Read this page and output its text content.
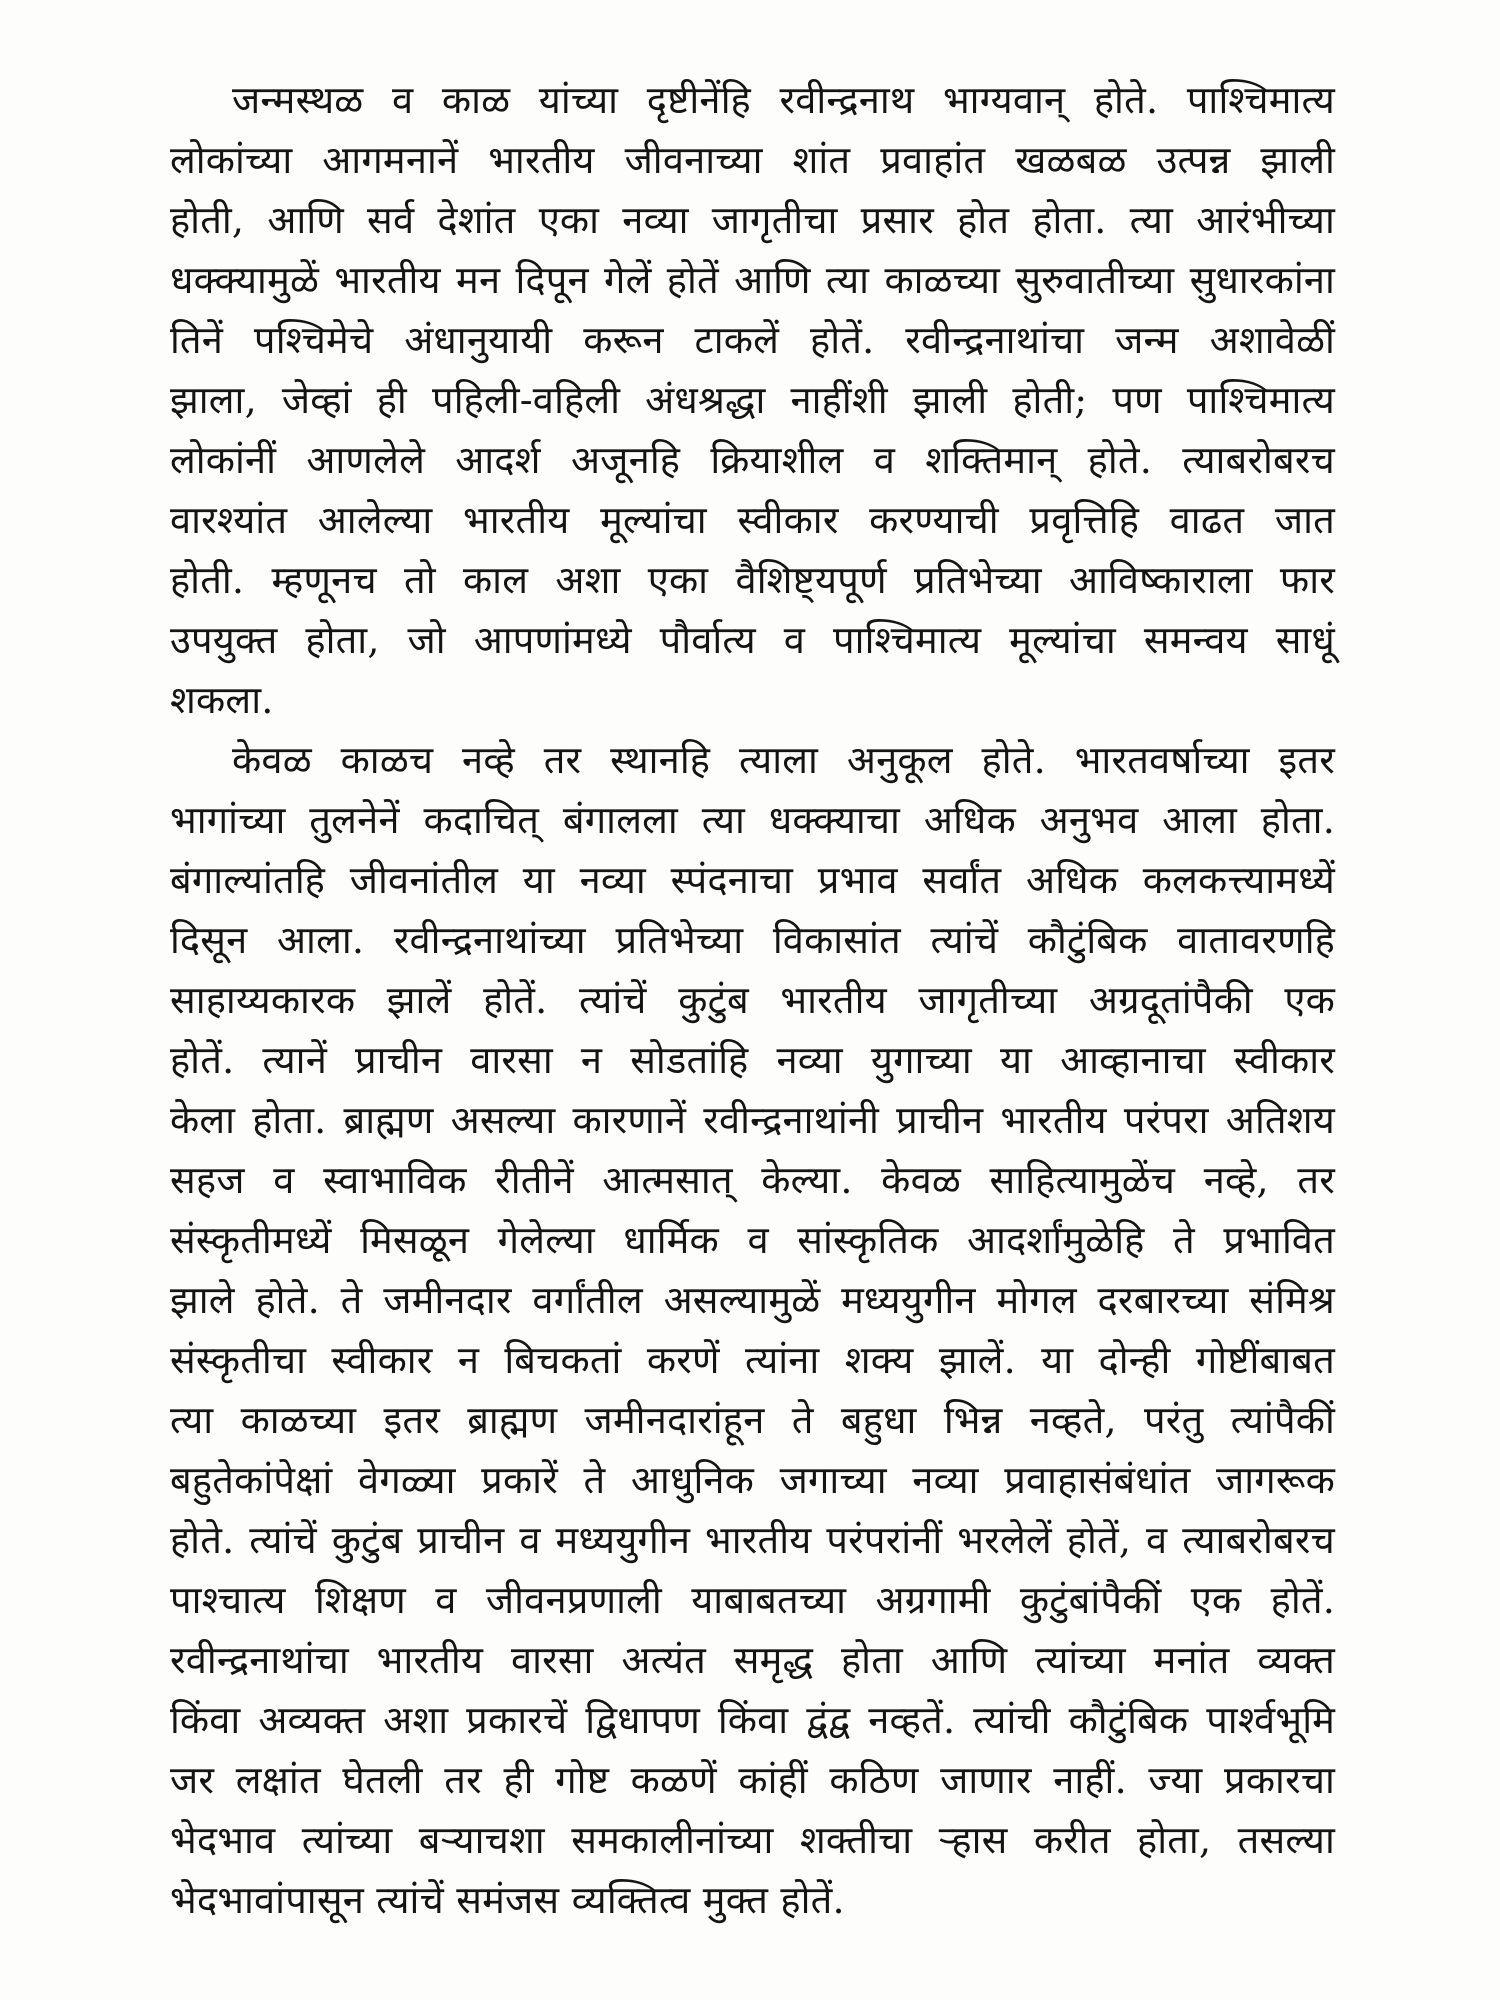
जन्मस्थळ व काळ यांच्या दृष्टीनेंहि रवीन्द्रनाथ भाग्यवान् होते. पाश्चिमात्य
लोकांच्या आगमनानें भारतीय जीवनाच्या शांत प्रवाहांत खळबळ उत्पन्न झाली
होती, आणि सर्व देशांत एका नव्या जागृतीचा प्रसार होत होता. त्या आरंभीच्या
धक्क्यामुळें भारतीय मन दिपून गेलें होतें आणि त्या काळच्या सुरुवातीच्या सुधारकांना
तिनें पश्चिमेचे अंधानुयायी करून टाकलें होतें. रवीन्द्रनाथांचा जन्म अशावेळीं
झाला, जेव्हां ही पहिली-वहिली अंधश्रद्धा नाहींशी झाली होती; पण पाश्चिमात्य
लोकांनीं आणलेले आदर्श अजूनहि क्रियाशील व शक्तिमान् होते. त्याबरोबरच
वारश्यांत आलेल्या भारतीय मूल्यांचा स्वीकार करण्याची प्रवृत्तिहि वाढत जात
होती. म्हणूनच तो काल अशा एका वैशिष्ट्यपूर्ण प्रतिभेच्या आविष्काराला फार
उपयुक्त होता, जो आपणांमध्ये पौर्वात्य व पाश्चिमात्य मूल्यांचा समन्वय साधूं
शकला.

केवळ काळच नव्हे तर स्थानहि त्याला अनुकूल होते. भारतवर्षाच्या इतर
भागांच्या तुलनेनें कदाचित् बंगालला त्या धक्क्याचा अधिक अनुभव आला होता.
बंगाल्यांतहि जीवनांतील या नव्या स्पंदनाचा प्रभाव सर्वांत अधिक कलकत्त्यामध्यें
दिसून आला. रवीन्द्रनाथांच्या प्रतिभेच्या विकासांत त्यांचें कौटुंबिक वातावरणहि
साहाय्यकारक झालें होतें. त्यांचें कुटुंब भारतीय जागृतीच्या अग्रदूतांपैकी एक
होतें. त्यानें प्राचीन वारसा न सोडतांहि नव्या युगाच्या या आव्हानाचा स्वीकार
केला होता. ब्राह्मण असल्या कारणानें रवीन्द्रनाथांनी प्राचीन भारतीय परंपरा अतिशय
सहज व स्वाभाविक रीतीनें आत्मसात् केल्या. केवळ साहित्यामुळेंच नव्हे, तर
संस्कृतीमध्यें मिसळून गेलेल्या धार्मिक व सांस्कृतिक आदर्शांमुळेहि ते प्रभावित
झाले होते. ते जमीनदार वर्गांतील असल्यामुळें मध्ययुगीन मोगल दरबारच्या संमिश्र
संस्कृतीचा स्वीकार न बिचकतां करणें त्यांना शक्य झालें. या दोन्ही गोष्टींबाबत
त्या काळच्या इतर ब्राह्मण जमीनदारांहून ते बहुधा भिन्न नव्हते, परंतु त्यांपैकीं
बहुतेकांपेक्षां वेगळ्या प्रकारें ते आधुनिक जगाच्या नव्या प्रवाहासंबंधांत जागरूक
होते. त्यांचें कुटुंब प्राचीन व मध्ययुगीन भारतीय परंपरांनीं भरलेलें होतें, व त्याबरोबरच
पाश्चात्य शिक्षण व जीवनप्रणाली याबाबतच्या अग्रगामी कुटुंबांपैकीं एक होतें.
रवीन्द्रनाथांचा भारतीय वारसा अत्यंत समृद्ध होता आणि त्यांच्या मनांत व्यक्त
किंवा अव्यक्त अशा प्रकारचें द्विधापण किंवा द्वंद्व नव्हतें. त्यांची कौटुंबिक पार्श्वभूमि
जर लक्षांत घेतली तर ही गोष्ट कळणें कांहीं कठिण जाणार नाहीं. ज्या प्रकारचा
भेदभाव त्यांच्या बऱ्याचशा समकालीनांच्या शक्तीचा ऱ्हास करीत होता, तसल्या
भेदभावांपासून त्यांचें समंजस व्यक्तित्व मुक्त होतें.
